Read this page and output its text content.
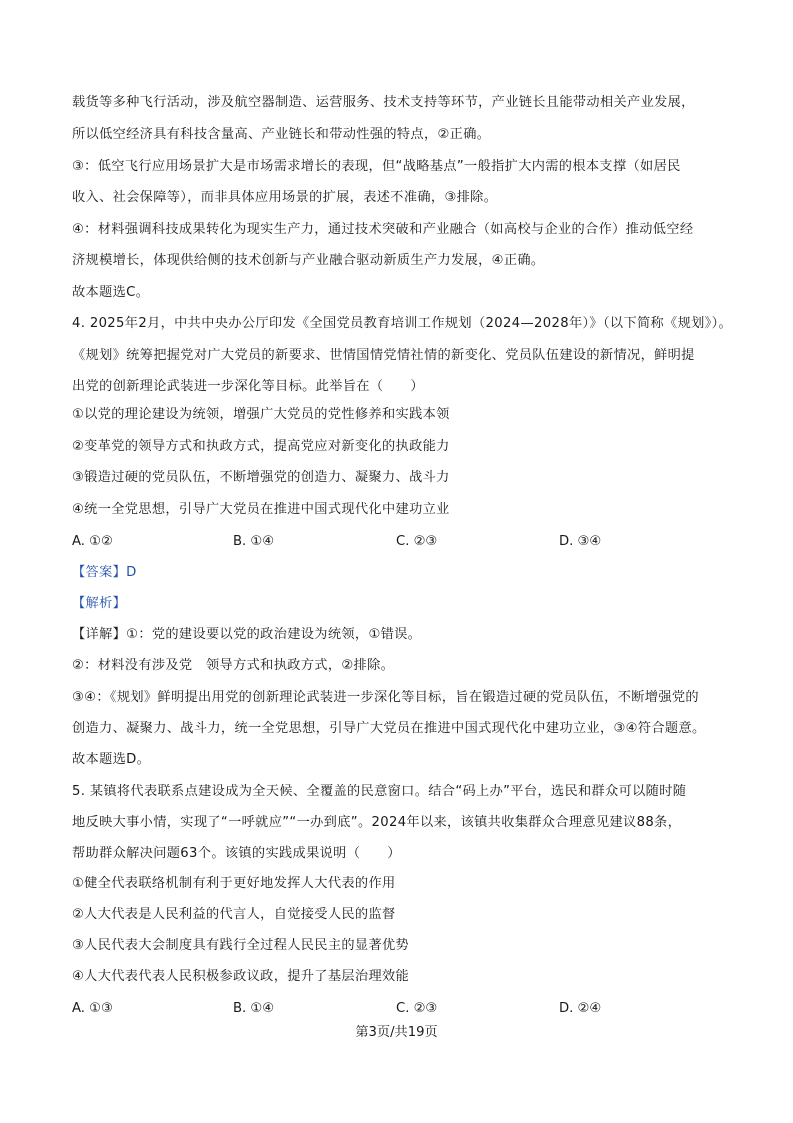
载货等多种飞行活动，涉及航空器制造、运营服务、技术支持等环节，产业链长且能带动相关产业发展，
所以低空经济具有科技含量高、产业链长和带动性强的特点，②正确。
③：低空飞行应用场景扩大是市场需求增长的表现，但“战略基点”一般指扩大内需的根本支撑（如居民
收入、社会保障等），而非具体应用场景的扩展，表述不准确，③排除。
④：材料强调科技成果转化为现实生产力，通过技术突破和产业融合（如高校与企业的合作）推动低空经
济规模增长，体现供给侧的技术创新与产业融合驱动新质生产力发展，④正确。
故本题选C。
4. 2025年2月，中共中央办公厅印发《全国党员教育培训工作规划（2024—2028年）》（以下简称《规划》）。
《规划》统筹把握党对广大党员的新要求、世情国情党情社情的新变化、党员队伍建设的新情况，鲜明提
出党的创新理论武装进一步深化等目标。此举旨在（　　）
①以党的理论建设为统领，增强广大党员的党性修养和实践本领
②变革党的领导方式和执政方式，提高党应对新变化的执政能力
③锻造过硬的党员队伍，不断增强党的创造力、凝聚力、战斗力
④统一全党思想，引导广大党员在推进中国式现代化中建功立业
A. ①②	B. ①④	C. ②③	D. ③④
【答案】D
【解析】
【详解】①：党的建设要以党的政治建设为统领，①错误。
②：材料没有涉及党　领导方式和执政方式，②排除。
③④：《规划》鲜明提出用党的创新理论武装进一步深化等目标，旨在锻造过硬的党员队伍，不断增强党的
创造力、凝聚力、战斗力，统一全党思想，引导广大党员在推进中国式现代化中建功立业，③④符合题意。
故本题选D。
5. 某镇将代表联系点建设成为全天候、全覆盖的民意窗口。结合“码上办”平台，选民和群众可以随时随
地反映大事小情，实现了“一呼就应”“一办到底”。2024年以来，该镇共收集群众合理意见建议88条，
帮助群众解决问题63个。该镇的实践成果说明（　　）
①健全代表联络机制有利于更好地发挥人大代表的作用
②人大代表是人民利益的代言人，自觉接受人民的监督
③人民代表大会制度具有践行全过程人民民主的显著优势
④人大代表代表人民积极参政议政，提升了基层治理效能
A. ①③	B. ①④	C. ②③	D. ②④
第3页/共19页
